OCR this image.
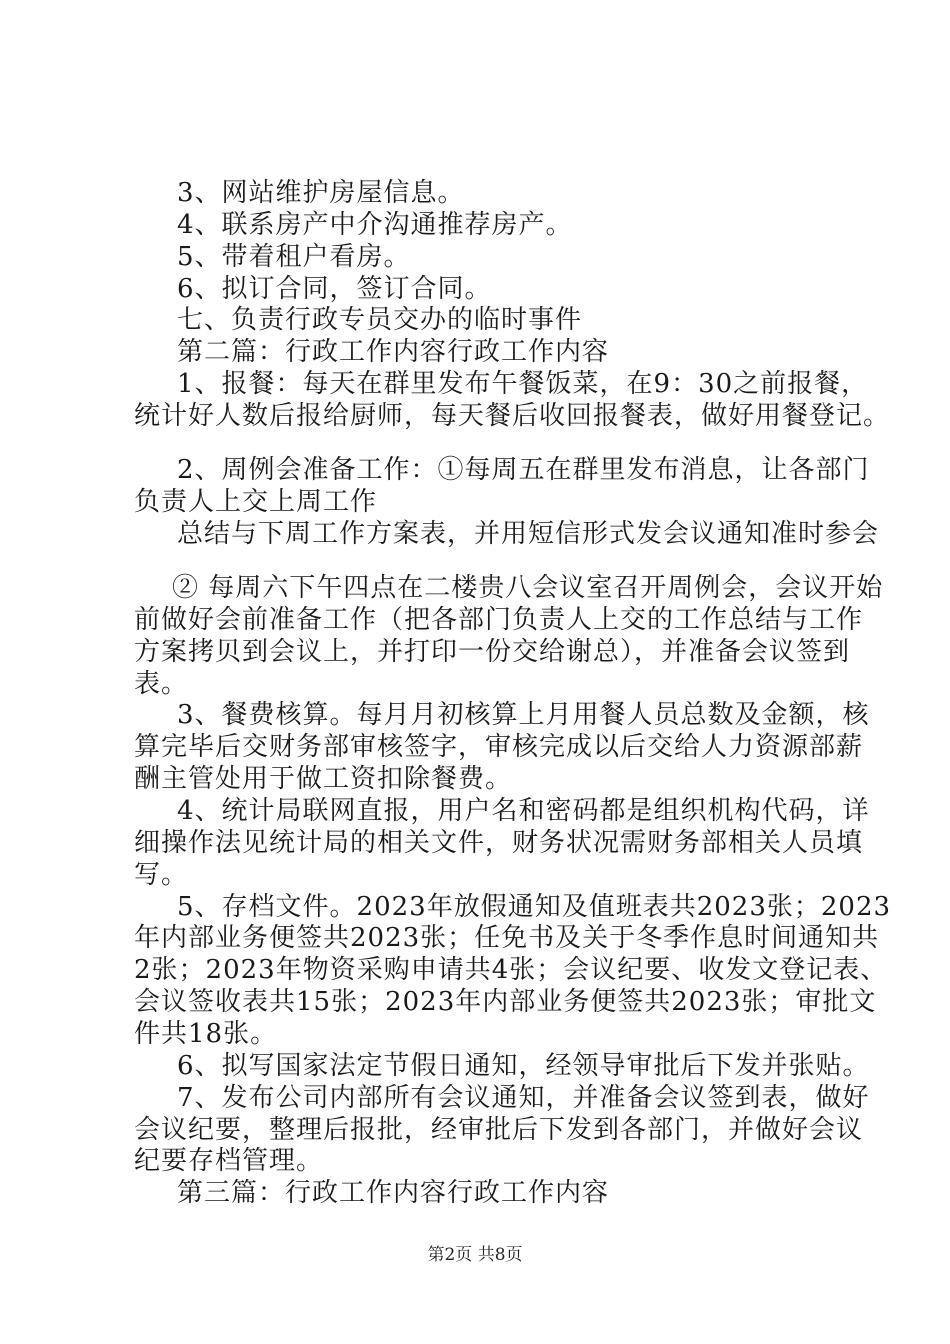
3、网站维护房屋信息。
4、联系房产中介沟通推荐房产。
5、带着租户看房。
6、拟订合同，签订合同。
七、负责行政专员交办的临时事件
第二篇：行政工作内容行政工作内容
1、报餐：每天在群里发布午餐饭菜，在9：30之前报餐，
统计好人数后报给厨师，每天餐后收回报餐表，做好用餐登记。
2、周例会准备工作：①每周五在群里发布消息，让各部门
负责人上交上周工作
总结与下周工作方案表，并用短信形式发会议通知准时参会
② 每周六下午四点在二楼贵八会议室召开周例会，会议开始
前做好会前准备工作（把各部门负责人上交的工作总结与工作
方案拷贝到会议上，并打印一份交给谢总），并准备会议签到
表。
3、餐费核算。每月月初核算上月用餐人员总数及金额，核
算完毕后交财务部审核签字，审核完成以后交给人力资源部薪
酬主管处用于做工资扣除餐费。
4、统计局联网直报，用户名和密码都是组织机构代码，详
细操作法见统计局的相关文件，财务状况需财务部相关人员填
写。
5、存档文件。2023年放假通知及值班表共2023张；2023
年内部业务便签共2023张；任免书及关于冬季作息时间通知共
2张；2023年物资采购申请共4张；会议纪要、收发文登记表、
会议签收表共15张；2023年内部业务便签共2023张；审批文
件共18张。
6、拟写国家法定节假日通知，经领导审批后下发并张贴。
7、发布公司内部所有会议通知，并准备会议签到表，做好
会议纪要，整理后报批，经审批后下发到各部门，并做好会议
纪要存档管理。
第三篇：行政工作内容行政工作内容
第2页 共8页
